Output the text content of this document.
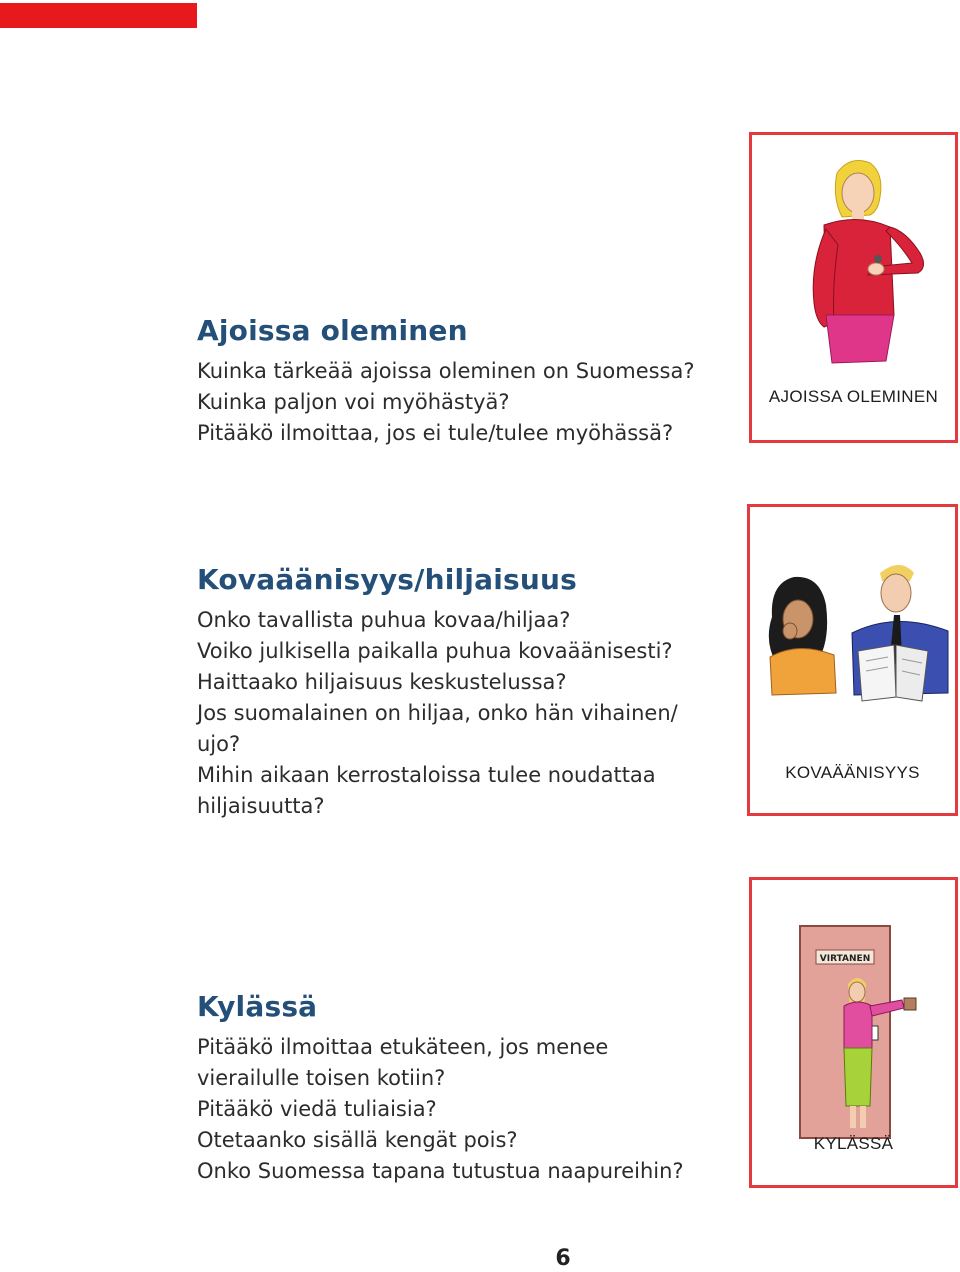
Ajoissa oleminen

Kuinka tärkeää ajoissa oleminen on Suomessa?

Kuinka paljon voi myöhästyä?

Pitääkö ilmoittaa, jos ei tule/tulee myöhässä?

AJOISSA OLEMINEN
Kovaäänisyys/hiljaisuus

Onko tavallista puhua kovaa/hiljaa?

Voiko julkisella paikalla puhua kovaäänisesti?

Haittaako hiljaisuus keskustelussa?

Jos suomalainen on hiljaa, onko hän vihainen/

ujo?

Mihin aikaan kerrostaloissa tulee noudattaa

hiljaisuutta?

KOVAÄÄNISYYS
Kylässä

Pitääkö ilmoittaa etukäteen, jos menee

vierailulle toisen kotiin?

Pitääkö viedä tuliaisia?

Otetaanko sisällä kengät pois?

Onko Suomessa tapana tutustua naapureihin?

VIRTANEN
KYLÄSSÄ
6
